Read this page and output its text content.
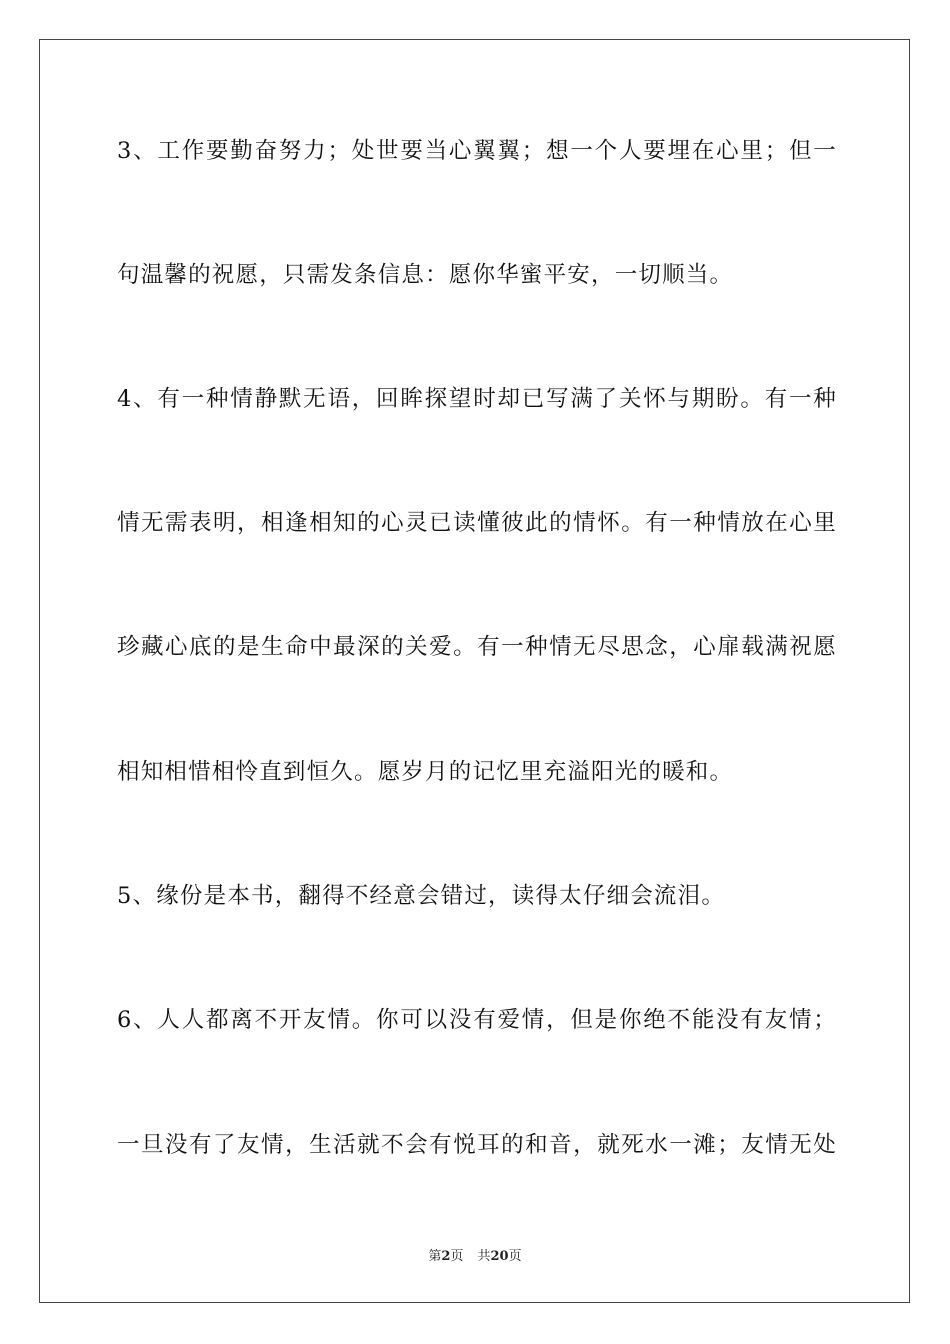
3、工作要勤奋努力；处世要当心翼翼；想一个人要埋在心里；但一
句温馨的祝愿，只需发条信息：愿你华蜜平安，一切顺当。
4、有一种情静默无语，回眸探望时却已写满了关怀与期盼。有一种
情无需表明，相逢相知的心灵已读懂彼此的情怀。有一种情放在心里
珍藏心底的是生命中最深的关爱。有一种情无尽思念，心扉载满祝愿
相知相惜相怜直到恒久。愿岁月的记忆里充溢阳光的暖和。
5、缘份是本书，翻得不经意会错过，读得太仔细会流泪。
6、人人都离不开友情。你可以没有爱情，但是你绝不能没有友情；
一旦没有了友情，生活就不会有悦耳的和音，就死水一滩；友情无处
第2页 共20页
